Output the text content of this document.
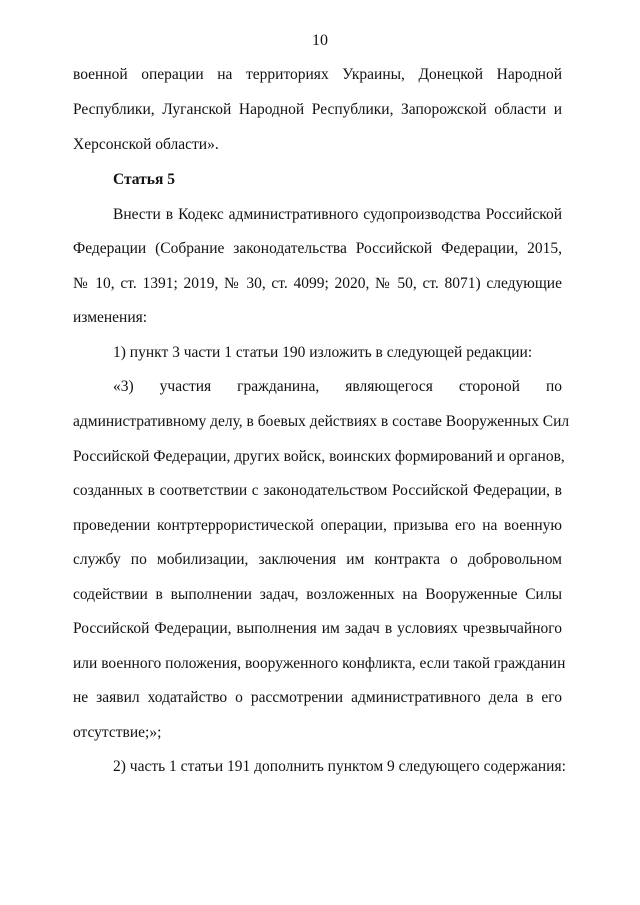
10
военной операции на территориях Украины, Донецкой Народной
Республики, Луганской Народной Республики, Запорожской области и
Херсонской области».
Статья 5
Внести в Кодекс административного судопроизводства Российской
Федерации (Собрание законодательства Российской Федерации, 2015,
№ 10, ст. 1391; 2019, № 30, ст. 4099; 2020, № 50, ст. 8071) следующие
изменения:
1) пункт 3 части 1 статьи 190 изложить в следующей редакции:
«3) участия гражданина, являющегося стороной по
административному делу, в боевых действиях в составе Вооруженных Сил
Российской Федерации, других войск, воинских формирований и органов,
созданных в соответствии с законодательством Российской Федерации, в
проведении контртеррористической операции, призыва его на военную
службу по мобилизации, заключения им контракта о добровольном
содействии в выполнении задач, возложенных на Вооруженные Силы
Российской Федерации, выполнения им задач в условиях чрезвычайного
или военного положения, вооруженного конфликта, если такой гражданин
не заявил ходатайство о рассмотрении административного дела в его
отсутствие;»;
2) часть 1 статьи 191 дополнить пунктом 9 следующего содержания:
